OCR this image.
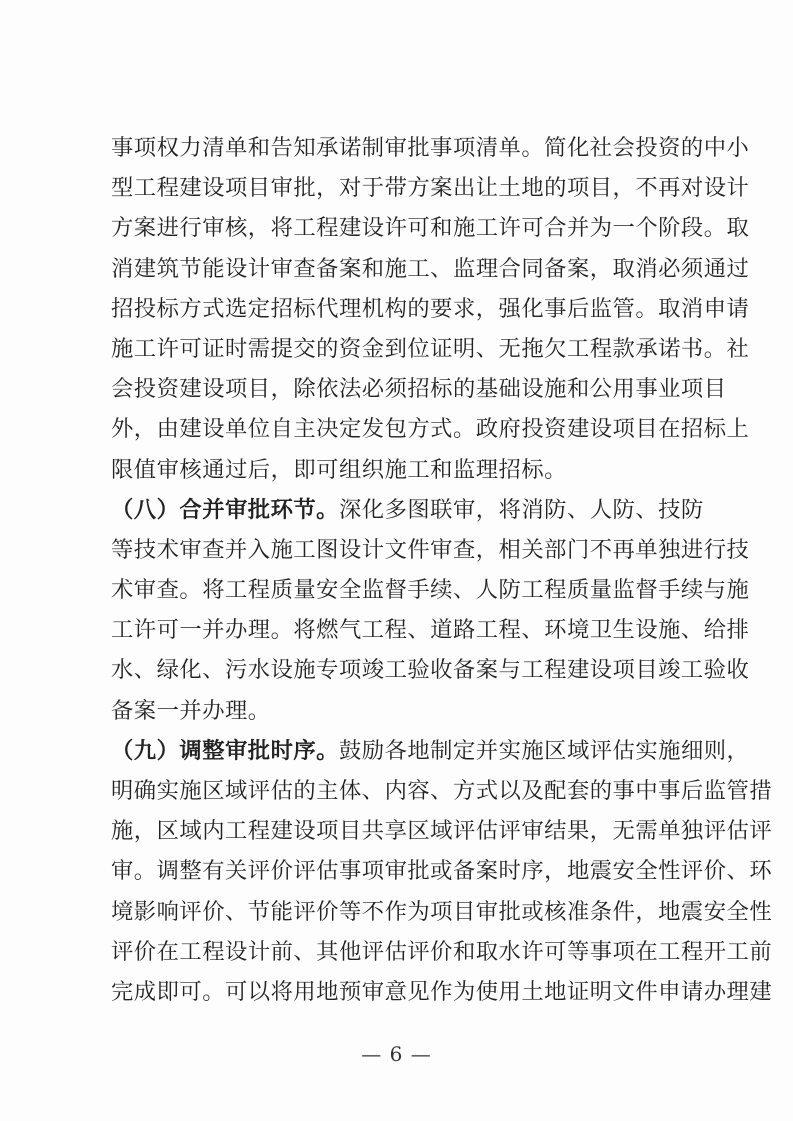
事项权力清单和告知承诺制审批事项清单。简化社会投资的中小
型工程建设项目审批，对于带方案出让土地的项目，不再对设计
方案进行审核，将工程建设许可和施工许可合并为一个阶段。取
消建筑节能设计审查备案和施工、监理合同备案，取消必须通过
招投标方式选定招标代理机构的要求，强化事后监管。取消申请
施工许可证时需提交的资金到位证明、无拖欠工程款承诺书。社
会投资建设项目，除依法必须招标的基础设施和公用事业项目
外，由建设单位自主决定发包方式。政府投资建设项目在招标上
限值审核通过后，即可组织施工和监理招标。
（八）合并审批环节。深化多图联审，将消防、人防、技防
等技术审查并入施工图设计文件审查，相关部门不再单独进行技
术审查。将工程质量安全监督手续、人防工程质量监督手续与施
工许可一并办理。将燃气工程、道路工程、环境卫生设施、给排
水、绿化、污水设施专项竣工验收备案与工程建设项目竣工验收
备案一并办理。
（九）调整审批时序。鼓励各地制定并实施区域评估实施细则，
明确实施区域评估的主体、内容、方式以及配套的事中事后监管措
施，区域内工程建设项目共享区域评估评审结果，无需单独评估评
审。调整有关评价评估事项审批或备案时序，地震安全性评价、环
境影响评价、节能评价等不作为项目审批或核准条件，地震安全性
评价在工程设计前、其他评估评价和取水许可等事项在工程开工前
完成即可。可以将用地预审意见作为使用土地证明文件申请办理建
— 6 —
